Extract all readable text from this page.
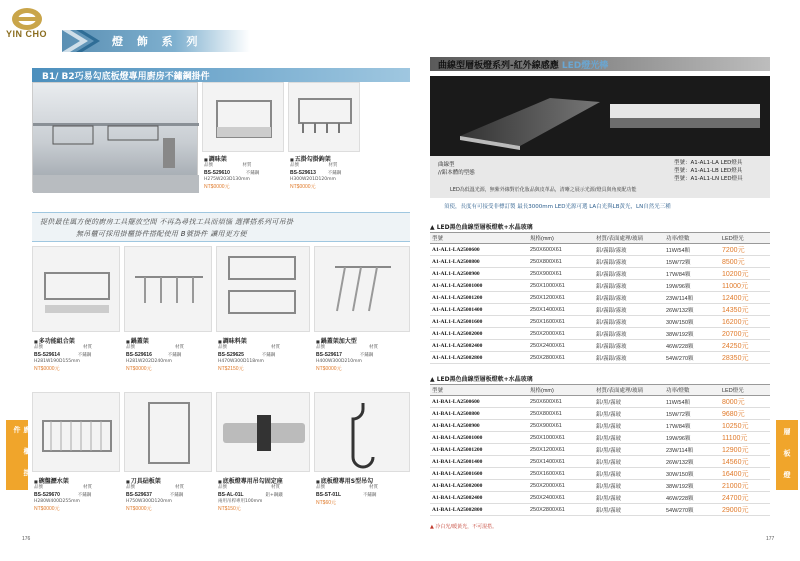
YIN CHO
燈 飾 系 列
B1/ B2巧易勾底板燈專用廚房不鏽鋼掛件
■ 調味架
品號	材質
BS-S29610	不鏽鋼
H275W203D130mm
NT$0000元
■ 五掛勾掛鉤架
品號	材質
BS-S29613	不鏽鋼
H300W201D120mm
NT$0000元
提供最佳風方便的廚房工具擺放空間 不再為尋找工具而煩惱 選擇搭系列可吊掛
無吊櫃可採用掛櫃掛件搭配使用 B號掛件 讓用更方便
■ 多功能組合架
品號	材質
BS-S29614	不鏽鋼
H281W190D155mm
NT$0000元
■ 鍋蓋架
品號	材質
BS-S29616	不鏽鋼
H281W202D240mm
NT$0000元
■ 調味料架
品號	材質
BS-S29625	不鏽鋼
H470W300D118mm
NT$2150元
■ 鍋蓋架加大型
品號	材質
BS-S29617	不鏽鋼
H400W300D210mm
NT$0000元
■ 碗盤瀝水架
品號	材質
BS-S29670	不鏽鋼
H280W400D255mm
NT$0000元
■ 刀具砧板架
品號	材質
BS-S29637	不鏽鋼
H750W300D120mm
NT$0000元
■ 底板燈專用吊勾固定座
品號	材質
BS-AL-01L	鋁+鋼鐵
兩用吊桿專用100mm
NT$150元
■ 底板燈專用S型吊勾
品號	材質
BS-ST-01L	不鏽鋼
NT$60元
廚 櫃 掛 件
176
層 板 燈
177
曲線型層板燈系列-紅外線感應 LED燈光棒
曲線型
//鋁本體的型態
型號：A1-AL1-LA LED燈具
型號：A1-AL1-LB LED燈具
型號：A1-AL1-LN LED燈具
LED為低溫光源，無紫外線對於化妝品與皮革品，清晰之展示光源/燈具與角度配功能
須使，長度有可接受非標訂製 最長3000mm LED光源可選 LA白光與LB黃光，LN自然光三種
▲ LED黑色曲線型層板燈軟+水晶玻璃
型號	規格(mm)	材質/表面處理/玻璃	功率/燈數	LED燈光
A1-AL1-LA2500600	250X600X61	鋁/霧銀/霧玻	11W/54顆	7200元
A1-AL1-LA2500800	250X800X61	鋁/霧銀/霧玻	15W/72顆	8500元
A1-AL1-LA2500900	250X900X61	鋁/霧銀/霧玻	17W/84顆	10200元
A1-AL1-LA25001000	250X1000X61	鋁/霧銀/霧玻	19W/96顆	11000元
A1-AL1-LA25001200	250X1200X61	鋁/霧銀/霧玻	23W/114顆	12400元
A1-AL1-LA25001400	250X1400X61	鋁/霧銀/霧玻	26W/132顆	14350元
A1-AL1-LA25001600	250X1600X61	鋁/霧銀/霧玻	30W/150顆	16200元
A1-AL1-LA25002000	250X2000X61	鋁/霧銀/霧玻	38W/192顆	20700元
A1-AL1-LA25002400	250X2400X61	鋁/霧銀/霧玻	46W/228顆	24250元
A1-AL1-LA25002800	250X2800X61	鋁/霧銀/霧玻	54W/270顆	28350元
▲ LED黑色曲線型層板燈軟+水晶玻璃
型號	規格(mm)	材質/表面處理/玻璃	功率/燈數	LED燈光
A1-BA1-LA2500600	250X600X61	鋁/黑/霧玻	11W/54顆	8000元
A1-BA1-LA2500800	250X800X61	鋁/黑/霧玻	15W/72顆	9680元
A1-BA1-LA2500900	250X900X61	鋁/黑/霧玻	17W/84顆	10250元
A1-BA1-LA25001000	250X1000X61	鋁/黑/霧玻	19W/96顆	11100元
A1-BA1-LA25001200	250X1200X61	鋁/黑/霧玻	23W/114顆	12900元
A1-BA1-LA25001400	250X1400X61	鋁/黑/霧玻	26W/132顆	14560元
A1-BA1-LA25001600	250X1600X61	鋁/黑/霧玻	30W/150顆	16400元
A1-BA1-LA25002000	250X2000X61	鋁/黑/霧玻	38W/192顆	21000元
A1-BA1-LA25002400	250X2400X61	鋁/黑/霧玻	46W/228顆	24700元
A1-BA1-LA25002800	250X2800X61	鋁/黑/霧玻	54W/270顆	29000元
▲ 冷白光/暖黃光，不可混搭。
